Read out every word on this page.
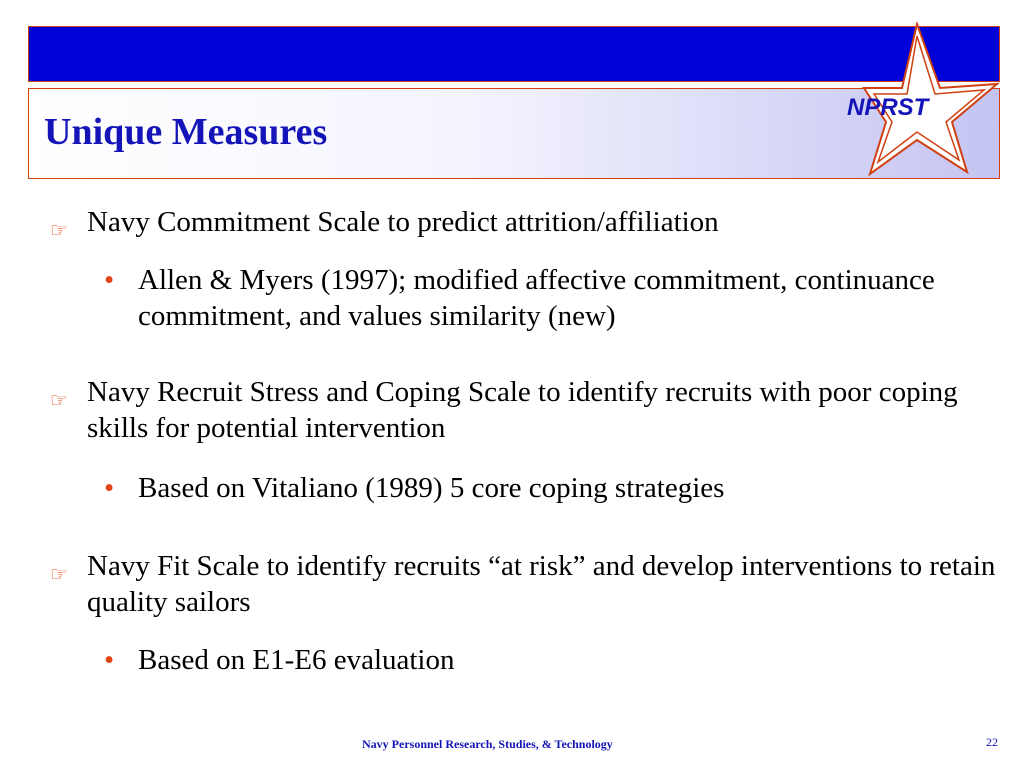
Unique Measures
NPRST
☞ Navy Commitment Scale to predict attrition/affiliation
• Allen & Myers (1997); modified affective commitment, continuance commitment, and values similarity (new)
☞ Navy Recruit Stress and Coping Scale to identify recruits with poor coping skills for potential intervention
• Based on Vitaliano (1989) 5 core coping strategies
☞ Navy Fit Scale to identify recruits “at risk” and develop interventions to retain quality sailors
• Based on E1-E6 evaluation
Navy Personnel Research, Studies, & Technology	22
